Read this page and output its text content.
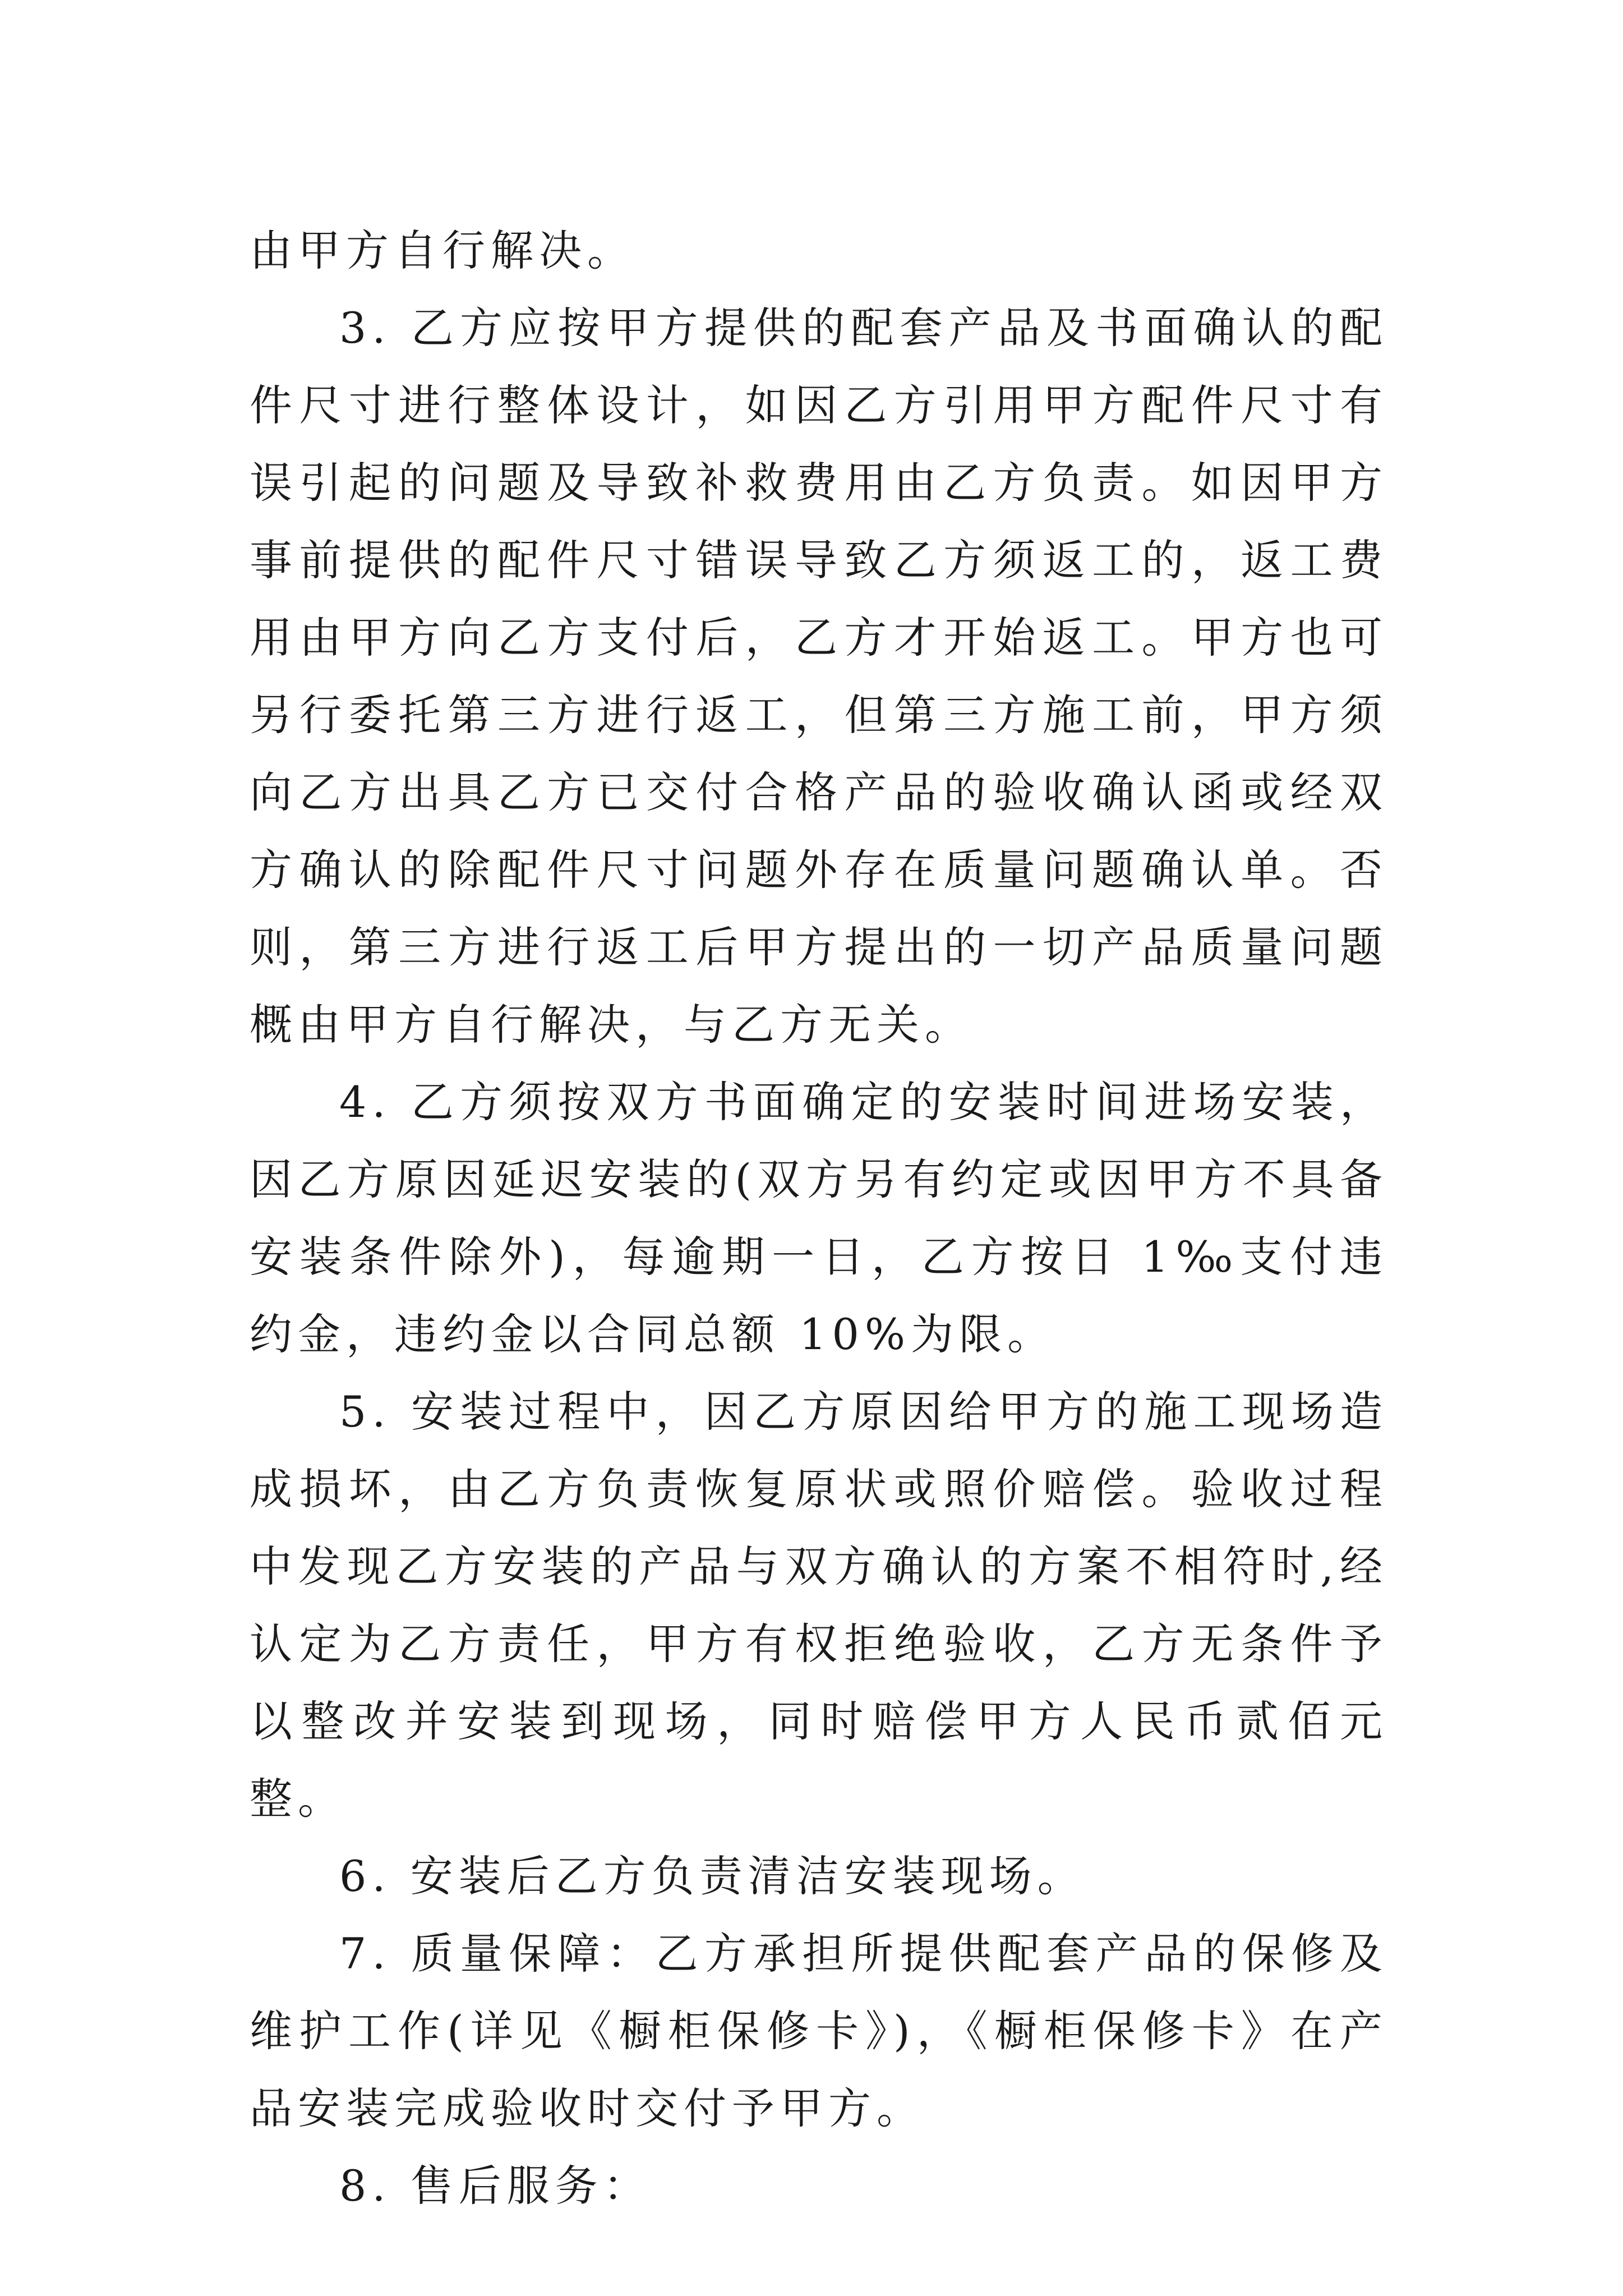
由甲方自行解决。

3. 乙方应按甲方提供的配套产品及书面确认的配件尺寸进行整体设计，如因乙方引用甲方配件尺寸有误引起的问题及导致补救费用由乙方负责。如因甲方事前提供的配件尺寸错误导致乙方须返工的，返工费用由甲方向乙方支付后，乙方才开始返工。甲方也可另行委托第三方进行返工，但第三方施工前，甲方须向乙方出具乙方已交付合格产品的验收确认函或经双方确认的除配件尺寸问题外存在质量问题确认单。否则，第三方进行返工后甲方提出的一切产品质量问题概由甲方自行解决，与乙方无关。

4. 乙方须按双方书面确定的安装时间进场安装，因乙方原因延迟安装的(双方另有约定或因甲方不具备安装条件除外)，每逾期一日，乙方按日 1‰支付违约金，违约金以合同总额 10%为限。

5. 安装过程中，因乙方原因给甲方的施工现场造成损坏，由乙方负责恢复原状或照价赔偿。验收过程中发现乙方安装的产品与双方确认的方案不相符时,经认定为乙方责任，甲方有权拒绝验收，乙方无条件予以整改并安装到现场，同时赔偿甲方人民币贰佰元整。

6. 安装后乙方负责清洁安装现场。

7. 质量保障：乙方承担所提供配套产品的保修及维护工作(详见《橱柜保修卡》)，《橱柜保修卡》在产品安装完成验收时交付予甲方。

8. 售后服务：
